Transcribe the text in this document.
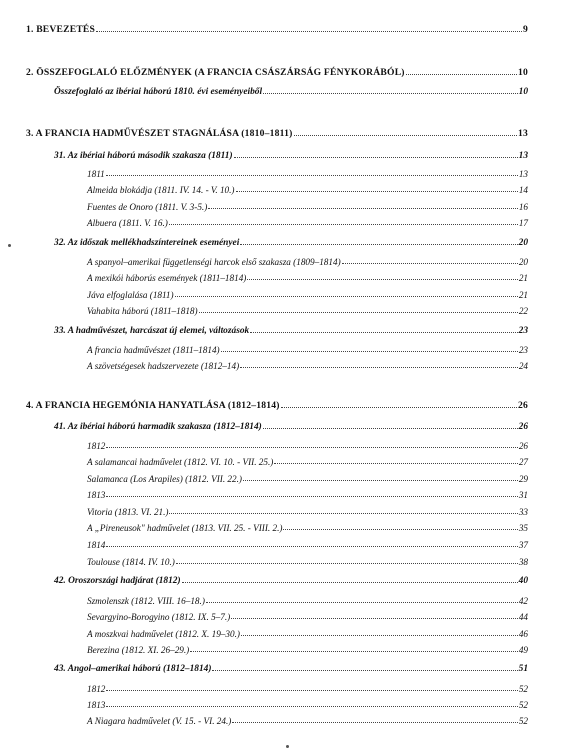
1. BEVEZETÉS	9
2. ÖSSZEFOGLALÓ ELŐZMÉNYEK (A FRANCIA CSÁSZÁRSÁG FÉNYKORÁBÓL)	10
Összefoglaló az ibériai háború 1810. évi eseményeiből	10
3. A FRANCIA HADMŰVÉSZET STAGNÁLÁSA (1810–1811)	13
31. Az ibériai háború második szakasza (1811)	13
1811	13
Almeida blokádja (1811. IV. 14. - V. 10.)	14
Fuentes de Onoro (1811. V. 3-5.)	16
Albuera (1811. V. 16.)	17
32. Az időszak mellékhadszíntereinek eseményei	20
A spanyol–amerikai függetlenségi harcok első szakasza (1809–1814)	20
A mexikói háborús események (1811–1814)	21
Jáva elfoglalása (1811)	21
Vahabita háború (1811–1818)	22
33. A hadművészet, harcászat új elemei, változások	23
A francia hadművészet (1811–1814)	23
A szövetségesek hadszervezete (1812–14)	24
4. A FRANCIA HEGEMÓNIA HANYATLÁSA (1812–1814)	26
41. Az ibériai háború harmadik szakasza (1812–1814)	26
1812	26
A salamancai hadművelet (1812. VI. 10. - VII. 25.)	27
Salamanca (Los Arapiles) (1812. VII. 22.)	29
1813	31
Vitoria (1813. VI. 21.)	33
A „Pireneusok" hadművelet (1813. VII. 25. - VIII. 2.)	35
1814	37
Toulouse (1814. IV. 10.)	38
42. Oroszországi hadjárat (1812)	40
Szmolenszk (1812. VIII. 16–18.)	42
Sevargyino-Borogyino (1812. IX. 5–7.)	44
A moszkvai hadművelet (1812. X. 19–30.)	46
Berezina (1812. XI. 26–29.)	49
43. Angol–amerikai háború (1812–1814)	51
1812	52
1813	52
A Niagara hadművelet (V. 15. - VI. 24.)	52
